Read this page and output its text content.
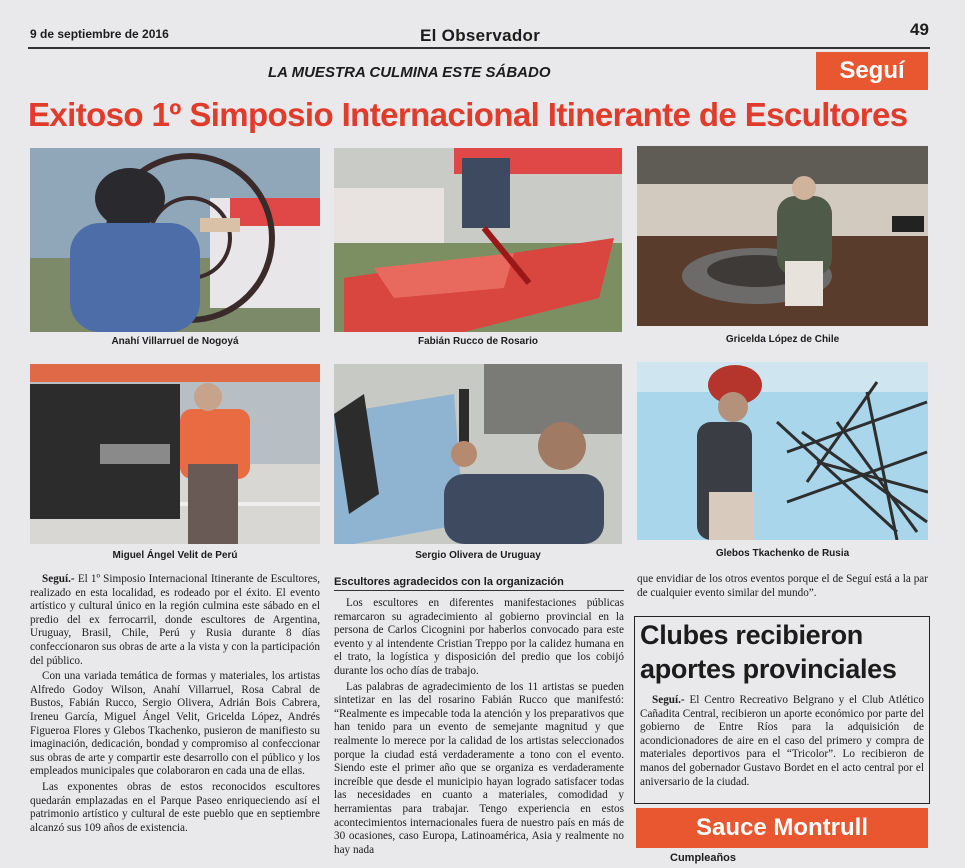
9 de septiembre de 2016	El Observador	49
LA MUESTRA CULMINA ESTE SÁBADO	Seguí
Exitoso 1º Simposio Internacional Itinerante de Escultores
Anahí Villarruel de Nogoyá	Fabián Rucco de Rosario	Gricelda López de Chile
Miguel Ángel Velit de Perú	Sergio Olivera de Uruguay	Glebos Tkachenko de Rusia

Seguí.- El 1º Simposio Internacional Itinerante de Escultores, realizado en esta localidad, es rodeado por el éxito. El evento artístico y cultural único en la región culmina este sábado en el predio del ex ferrocarril, donde escultores de Argentina, Uruguay, Brasil, Chile, Perú y Rusia durante 8 días confeccionaron sus obras de arte a la vista y con la participación del público.

Con una variada temática de formas y materiales, los artistas Alfredo Godoy Wilson, Anahí Villarruel, Rosa Cabral de Bustos, Fabián Rucco, Sergio Olivera, Adrián Bois Cabrera, Ireneu García, Miguel Ángel Velit, Gricelda López, Andrés Figueroa Flores y Glebos Tkachenko, pusieron de manifiesto su imaginación, dedicación, bondad y compromiso al confeccionar sus obras de arte y compartir este desarrollo con el público y los empleados municipales que colaboraron en cada una de ellas.

Las exponentes obras de estos reconocidos escultores quedarán emplazadas en el Parque Paseo enriqueciendo así el patrimonio artístico y cultural de este pueblo que en septiembre alcanzó sus 109 años de existencia.

Escultores agradecidos con la organización

Los escultores en diferentes manifestaciones públicas remarcaron su agradecimiento al gobierno provincial en la persona de Carlos Cicognini por haberlos convocado para este evento y al intendente Cristian Treppo por la calidez humana en el trato, la logística y disposición del predio que los cobijó durante los ocho días de trabajo.

Las palabras de agradecimiento de los 11 artistas se pueden sintetizar en las del rosarino Fabián Rucco que manifestó: “Realmente es impecable toda la atención y los preparativos que han tenido para un evento de semejante magnitud y que realmente lo merece por la calidad de los artistas seleccionados porque la ciudad está verdaderamente a tono con el evento. Siendo este el primer año que se organiza es verdaderamente increíble que desde el municipio hayan logrado satisfacer todas las necesidades en cuanto a materiales, comodidad y herramientas para trabajar. Tengo experiencia en estos acontecimientos internacionales fuera de nuestro país en más de 30 ocasiones, caso Europa, Latinoamérica, Asia y realmente no hay nada

que envidiar de los otros eventos porque el de Seguí está a la par de cualquier evento similar del mundo”.

Clubes recibieron aportes provinciales

Seguí.- El Centro Recreativo Belgrano y el Club Atlético Cañadita Central, recibieron un aporte económico por parte del gobierno de Entre Ríos para la adquisición de acondicionadores de aire en el caso del primero y compra de materiales deportivos para el “Tricolor”. Lo recibieron de manos del gobernador Gustavo Bordet en el acto central por el aniversario de la ciudad.

Sauce Montrull
Cumpleaños
